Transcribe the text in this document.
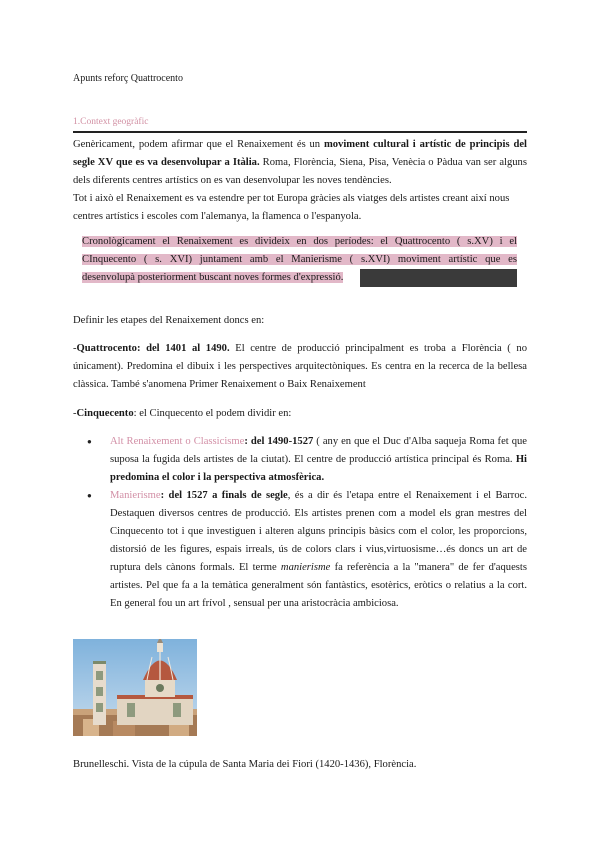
Apunts reforç Quattrocento
1.Context geogràfic
Genèricament, podem afirmar que el Renaixement és un moviment cultural i artístic de principis del segle XV que es va desenvolupar a Itàlia. Roma, Florència, Siena, Pisa, Venècia o Pàdua van ser alguns dels diferents centres artístics on es van desenvolupar les noves tendències.
Tot i això el Renaixement es va estendre per tot Europa gràcies als viatges dels artistes creant així nous centres artístics i escoles com l'alemanya, la flamenca o l'espanyola.
Cronològicament el Renaixement es divideix en dos períodes: el Quattrocento ( s.XV) i el
CInquecento ( s. XVI) juntament amb el Manierisme ( s.XVI) moviment artístic que es
desenvolupà posteriorment buscant noves formes d'expressió.
Definir les etapes del Renaixement doncs en:
-Quattrocento: del 1401 al 1490. El centre de producció principalment es troba a Florència ( no únicament). Predomina el dibuix i les perspectives arquitectòniques. Es centra en la recerca de la bellesa clàssica. També s'anomena Primer Renaixement o Baix Renaixement
-Cinquecento: el Cinquecento el podem dividir en:
● Alt Renaixement o Classicisme: del 1490-1527 ( any en que el Duc d'Alba saqueja Roma fet que suposa la fugida dels artistes de la ciutat). El centre de producció artística principal és Roma. Hi predomina el color i la perspectiva atmosfèrica.
● Manierisme: del 1527 a finals de segle, és a dir és l'etapa entre el Renaixement i el Barroc. Destaquen diversos centres de producció. Els artistes prenen com a model els gran mestres del Cinquecento tot i que investiguen i alteren alguns principis bàsics com el color, les proporcions, distorsió de les figures, espais irreals, ús de colors clars i vius,virtuosisme…és doncs un art de ruptura dels cànons formals. El terme manierisme fa referència a la "manera" de fer d'aquests artistes. Pel que fa a la temàtica generalment són fantàstics, esotèrics, eròtics o relatius a la cort. En general fou un art frívol , sensual per una aristocràcia ambiciosa.
Brunelleschi. Vista de la cúpula de Santa Maria dei Fiori (1420-1436), Florència.
